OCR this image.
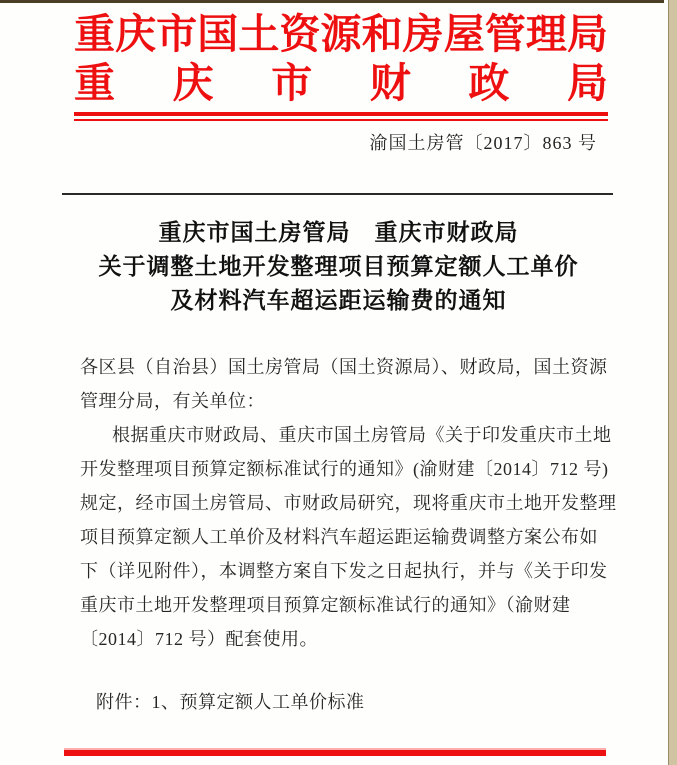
重庆市国土资源和房屋管理局
重庆市财政局
渝国土房管〔2017〕863 号
重庆市国土房管局　重庆市财政局
关于调整土地开发整理项目预算定额人工单价
及材料汽车超运距运输费的通知
各区县（自治县）国土房管局（国土资源局）、财政局，国土资源
管理分局，有关单位：
根据重庆市财政局、重庆市国土房管局《关于印发重庆市土地
开发整理项目预算定额标准试行的通知》(渝财建〔2014〕712 号)
规定，经市国土房管局、市财政局研究，现将重庆市土地开发整理
项目预算定额人工单价及材料汽车超运距运输费调整方案公布如
下（详见附件），本调整方案自下发之日起执行，并与《关于印发
重庆市土地开发整理项目预算定额标准试行的通知》（渝财建
〔2014〕712 号）配套使用。
附件：1、预算定额人工单价标准
